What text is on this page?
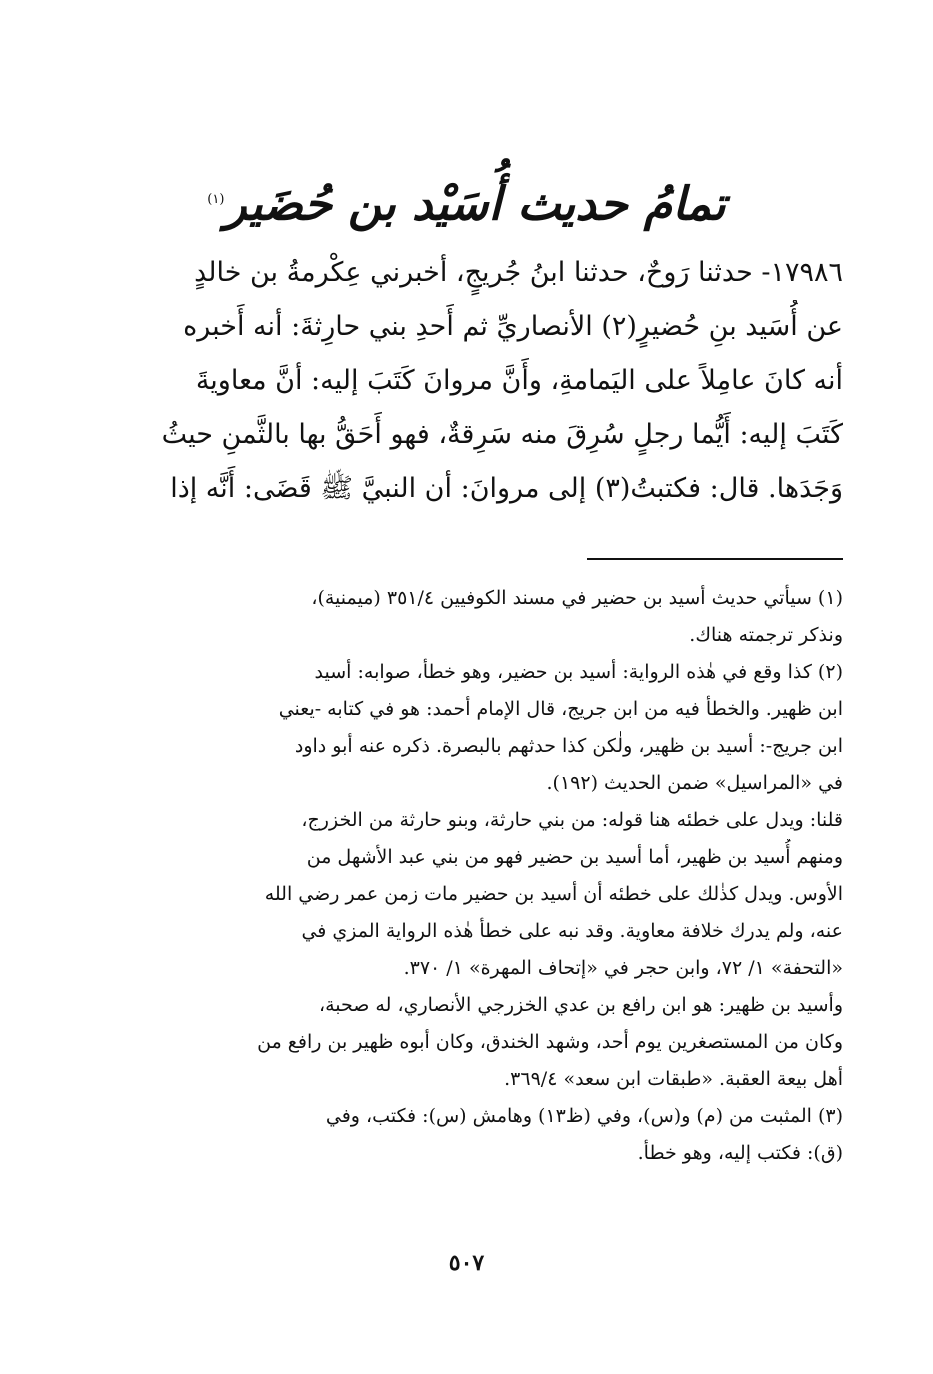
تمامُ حديث أُسَيْد بن حُضَير$^{(١)}$
١٧٩٨٦- حدثنا رَوحٌ، حدثنا ابنُ جُريجٍ، أخبرني عِكْرمةُ بن خالدٍ
عن أُسَيد بنِ حُضيرٍ(٢) الأنصاريِّ ثم أَحدِ بني حارِثةَ: أنه أَخبره
أنه كانَ عامِلاً على اليَمامةِ، وأَنَّ مروانَ كَتَبَ إليه: أنَّ معاويةَ
كَتَبَ إليه: أَيُّما رجلٍ سُرِقَ منه سَرِقةٌ، فهو أَحَقُّ بها بالثَّمنِ حيثُ
وَجَدَها. قال: فكتبتُ(٣) إلى مروانَ: أن النبيَّ ﷺ قَضَى: أَنَّه إذا
(١) سيأتي حديث أسيد بن حضير في مسند الكوفيين ٣٥١/٤ (ميمنية)،
ونذكر ترجمته هناك.
(٢) كذا وقع في هٰذه الرواية: أسيد بن حضير، وهو خطأ، صوابه: أسيد
ابن ظهير. والخطأ فيه من ابن جريج، قال الإمام أحمد: هو في كتابه -يعني
ابن جريج-: أسيد بن ظهير، ولٰكن كذا حدثهم بالبصرة. ذكره عنه أبو داود
في «المراسيل» ضمن الحديث (١٩٢).
قلنا: ويدل على خطئه هنا قوله: من بني حارثة، وبنو حارثة من الخزرج،
ومنهم أُسيد بن ظهير، أما أسيد بن حضير فهو من بني عبد الأشهل من
الأوس. ويدل كذٰلك على خطئه أن أسيد بن حضير مات زمن عمر رضي الله
عنه، ولم يدرك خلافة معاوية. وقد نبه على خطأ هٰذه الرواية المزي في
«التحفة» ١/ ٧٢، وابن حجر في «إتحاف المهرة» ١/ ٣٧٠.
وأسيد بن ظهير: هو ابن رافع بن عدي الخزرجي الأنصاري، له صحبة،
وكان من المستصغرين يوم أحد، وشهد الخندق، وكان أبوه ظهير بن رافع من
أهل بيعة العقبة. «طبقات ابن سعد» ٣٦٩/٤.
(٣) المثبت من (م) و(س)، وفي (ظ١٣) وهامش (س): فكتب، وفي
(ق): فكتب إليه، وهو خطأ.
٥٠٧
